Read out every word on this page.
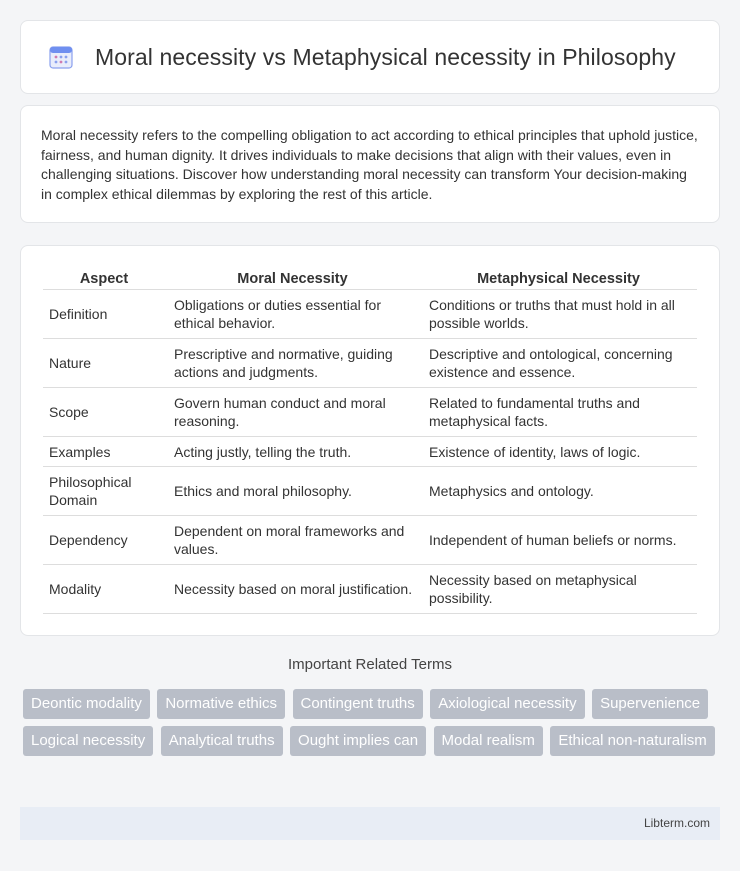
Moral necessity vs Metaphysical necessity in Philosophy

Moral necessity refers to the compelling obligation to act according to ethical principles that uphold justice, fairness, and human dignity. It drives individuals to make decisions that align with their values, even in challenging situations. Discover how understanding moral necessity can transform Your decision-making in complex ethical dilemmas by exploring the rest of this article.

Aspect	Moral Necessity	Metaphysical Necessity
Definition	Obligations or duties essential for ethical behavior.	Conditions or truths that must hold in all possible worlds.
Nature	Prescriptive and normative, guiding actions and judgments.	Descriptive and ontological, concerning existence and essence.
Scope	Govern human conduct and moral reasoning.	Related to fundamental truths and metaphysical facts.
Examples	Acting justly, telling the truth.	Existence of identity, laws of logic.
Philosophical Domain	Ethics and moral philosophy.	Metaphysics and ontology.
Dependency	Dependent on moral frameworks and values.	Independent of human beliefs or norms.
Modality	Necessity based on moral justification.	Necessity based on metaphysical possibility.
Important Related Terms
Deontic modality Normative ethics Contingent truths Axiological necessity Supervenience Logical necessity Analytical truths Ought implies can Modal realism Ethical non-naturalism
Libterm.com
